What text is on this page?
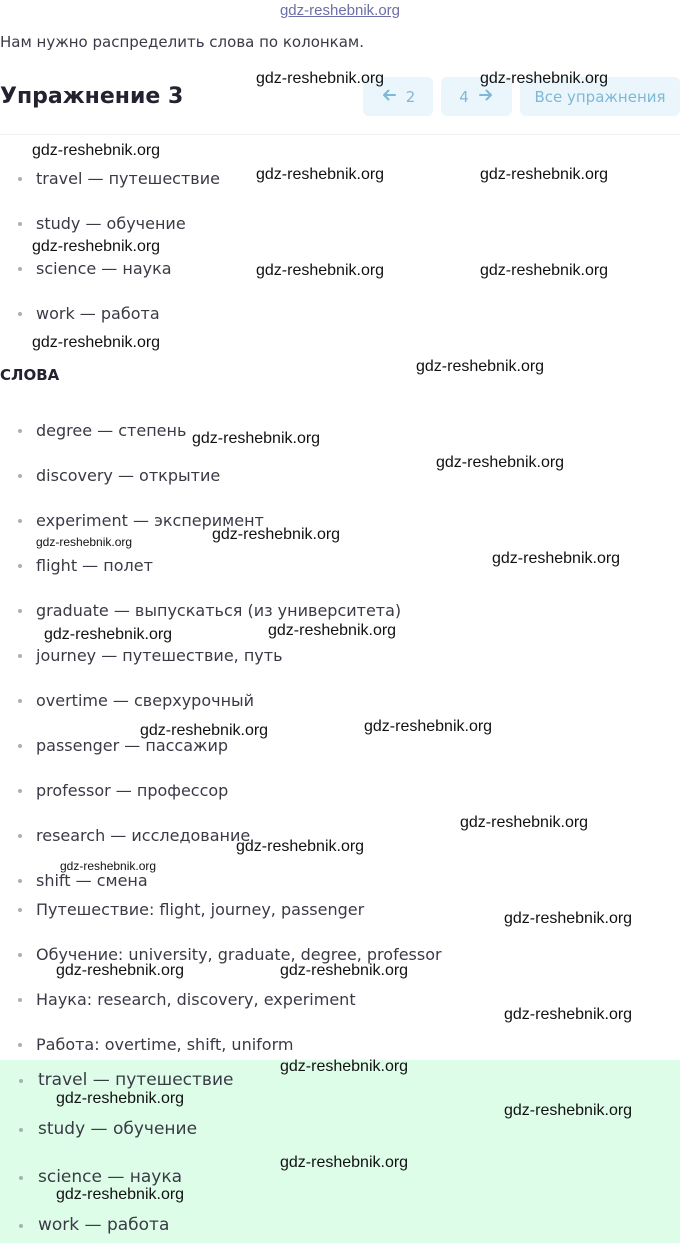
gdz-reshebnik.org
Нам нужно распределить слова по колонкам.
Упражнение 3	2	4	Все упражнения
travel — путешествие
study — обучение
science — наука
work — работа
СЛОВА
degree — степень
discovery — открытие
experiment — эксперимент
flight — полет
graduate — выпускаться (из университета)
journey — путешествие, путь
overtime — сверхурочный
passenger — пассажир
professor — профессор
research — исследование
shift — смена
Путешествие: flight, journey, passenger
Обучение: university, graduate, degree, professor
Наука: research, discovery, experiment
Работа: overtime, shift, uniform
travel — путешествие
study — обучение
science — наука
work — работа
gdz-reshebnik.org	gdz-reshebnik.org
gdz-reshebnik.org
gdz-reshebnik.org	gdz-reshebnik.org
gdz-reshebnik.org
gdz-reshebnik.org	gdz-reshebnik.org
gdz-reshebnik.org
gdz-reshebnik.org
gdz-reshebnik.org
gdz-reshebnik.org
gdz-reshebnik.org	gdz-reshebnik.org
gdz-reshebnik.org
gdz-reshebnik.org	gdz-reshebnik.org
gdz-reshebnik.org	gdz-reshebnik.org
gdz-reshebnik.org
gdz-reshebnik.org
gdz-reshebnik.org
gdz-reshebnik.org
gdz-reshebnik.org	gdz-reshebnik.org
gdz-reshebnik.org
gdz-reshebnik.org
gdz-reshebnik.org
gdz-reshebnik.org
gdz-reshebnik.org
gdz-reshebnik.org
